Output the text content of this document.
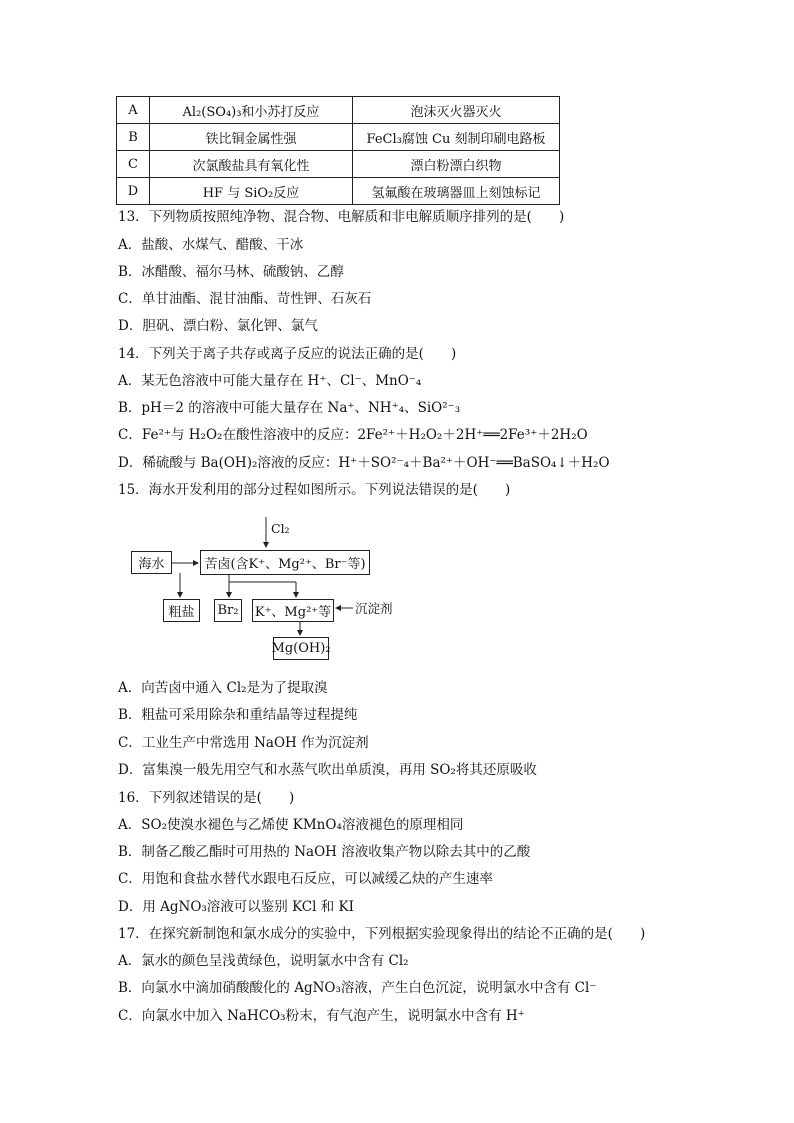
A	Al₂(SO₄)₃和小苏打反应	泡沫灭火器灭火
B	铁比铜金属性强	FeCl₃腐蚀 Cu 刻制印刷电路板
C	次氯酸盐具有氧化性	漂白粉漂白织物
D	HF 与 SiO₂反应	氢氟酸在玻璃器皿上刻蚀标记
13．下列物质按照纯净物、混合物、电解质和非电解质顺序排列的是(　　)
A．盐酸、水煤气、醋酸、干冰
B．冰醋酸、福尔马林、硫酸钠、乙醇
C．单甘油酯、混甘油酯、苛性钾、石灰石
D．胆矾、漂白粉、氯化钾、氯气
14．下列关于离子共存或离子反应的说法正确的是(　　)
A．某无色溶液中可能大量存在 H⁺、Cl⁻、MnO⁻₄
B．pH＝2 的溶液中可能大量存在 Na⁺、NH⁺₄、SiO²⁻₃
C．Fe²⁺与 H₂O₂在酸性溶液中的反应：2Fe²⁺＋H₂O₂＋2H⁺══2Fe³⁺＋2H₂O
D．稀硫酸与 Ba(OH)₂溶液的反应：H⁺＋SO²⁻₄＋Ba²⁺＋OH⁻══BaSO₄↓＋H₂O
15．海水开发利用的部分过程如图所示。下列说法错误的是(　　)
Cl₂
海水	苦卤(含K⁺、Mg²⁺、Br⁻等)
粗盐	Br₂ K⁺、Mg²⁺等 沉淀剂
Mg(OH)₂
A．向苦卤中通入 Cl₂是为了提取溴
B．粗盐可采用除杂和重结晶等过程提纯
C．工业生产中常选用 NaOH 作为沉淀剂
D．富集溴一般先用空气和水蒸气吹出单质溴，再用 SO₂将其还原吸收
16．下列叙述错误的是(　　)
A．SO₂使溴水褪色与乙烯使 KMnO₄溶液褪色的原理相同
B．制备乙酸乙酯时可用热的 NaOH 溶液收集产物以除去其中的乙酸
C．用饱和食盐水替代水跟电石反应，可以减缓乙炔的产生速率
D．用 AgNO₃溶液可以鉴别 KCl 和 KI
17．在探究新制饱和氯水成分的实验中，下列根据实验现象得出的结论不正确的是(　　)
A．氯水的颜色呈浅黄绿色，说明氯水中含有 Cl₂
B．向氯水中滴加硝酸酸化的 AgNO₃溶液，产生白色沉淀，说明氯水中含有 Cl⁻
C．向氯水中加入 NaHCO₃粉末，有气泡产生，说明氯水中含有 H⁺
